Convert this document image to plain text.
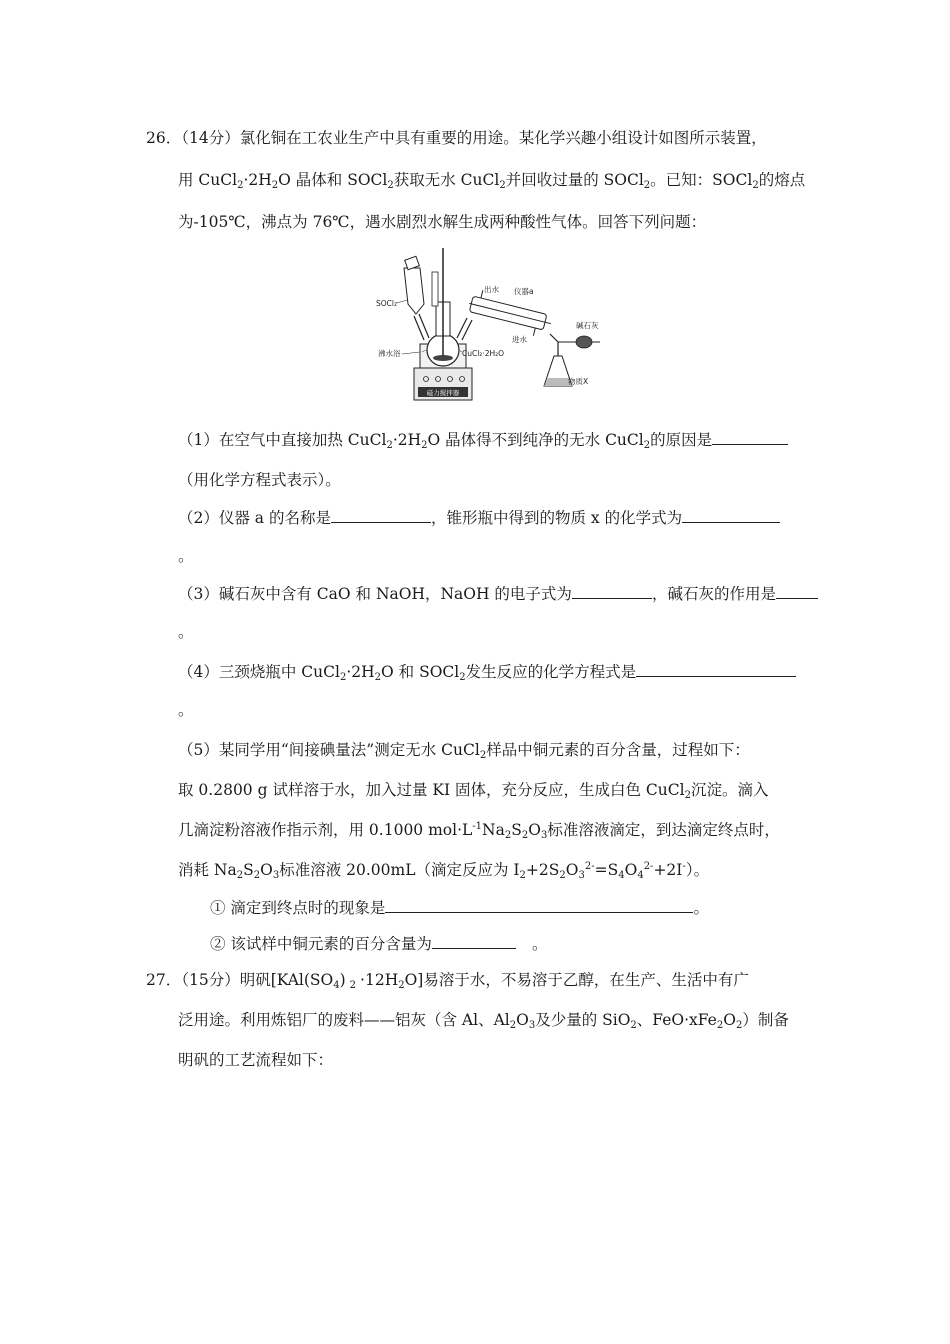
26．（14分）氯化铜在工农业生产中具有重要的用途。某化学兴趣小组设计如图所示装置，
用 $CuCl_2\cdot 2H_2O$ 晶体和 SOCl$_2$获取无水 CuCl$_2$并回收过量的 SOCl$_2$。已知：SOCl$_2$的熔点
为-105℃，沸点为 76℃，遇水剧烈水解生成两种酸性气体。回答下列问题：
磁力搅拌器
SOCl₂
出水 仪器a
进水
碱石灰
沸水浴	CuCl₂·2H₂O
物质X
（1）在空气中直接加热 $CuCl_2\cdot 2H_2O$ 晶体得不到纯净的无水 CuCl$_2$的原因是
（用化学方程式表示）。
（2）仪器 a 的名称是	，锥形瓶中得到的物质 x 的化学式为
。
（3）碱石灰中含有 CaO 和 NaOH，NaOH 的电子式为	，碱石灰的作用是
。
（4）三颈烧瓶中 $CuCl_2\cdot 2H_2O$ 和 SOCl$_2$发生反应的化学方程式是
。
（5）某同学用“间接碘量法”测定无水 CuCl$_2$样品中铜元素的百分含量，过程如下：
取 0.2800 g 试样溶于水，加入过量 KI 固体，充分反应，生成白色 CuCl$_2$沉淀。滴入
几滴淀粉溶液作指示剂，用 0.1000 $mol\cdot L^{-1}Na_2S_2O_3$标准溶液滴定，到达滴定终点时，
消耗 $Na_2S_2O_3$标准溶液 20.00mL（滴定反应为 $I_2+2S_2O_3^{2-}=S_4O_4^{2-}+2I^-$）。
① 滴定到终点时的现象是	。
② 该试样中铜元素的百分含量为	。
27．（15分）明矾[$KAl(SO_4)$ $_2 \cdot 12H_2O$]易溶于水，不易溶于乙醇，在生产、生活中有广
泛用途。利用炼铝厂的废料——铝灰（含 Al、$Al_2O_3$及少量的 SiO$_2$、$FeO\cdot xFe_2O_2$）制备
明矾的工艺流程如下：
